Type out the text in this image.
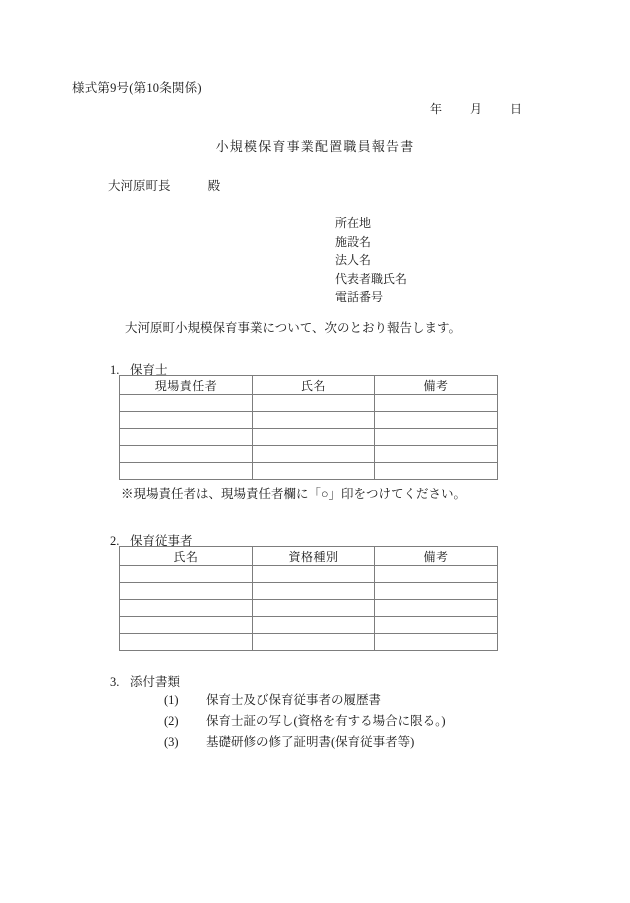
様式第9号(第10条関係)
年 月 日
小規模保育事業配置職員報告書
大河原町長	殿
所在地
施設名
法人名
代表者職氏名
電話番号
大河原町小規模保育事業について、次のとおり報告します。
1. 保育士
現場責任者	氏名	備考

※現場責任者は、現場責任者欄に「○」印をつけてください。
2. 保育従事者
氏名	資格種別	備考

3. 添付書類
(1) 保育士及び保育従事者の履歴書
(2) 保育士証の写し(資格を有する場合に限る。)
(3) 基礎研修の修了証明書(保育従事者等)
